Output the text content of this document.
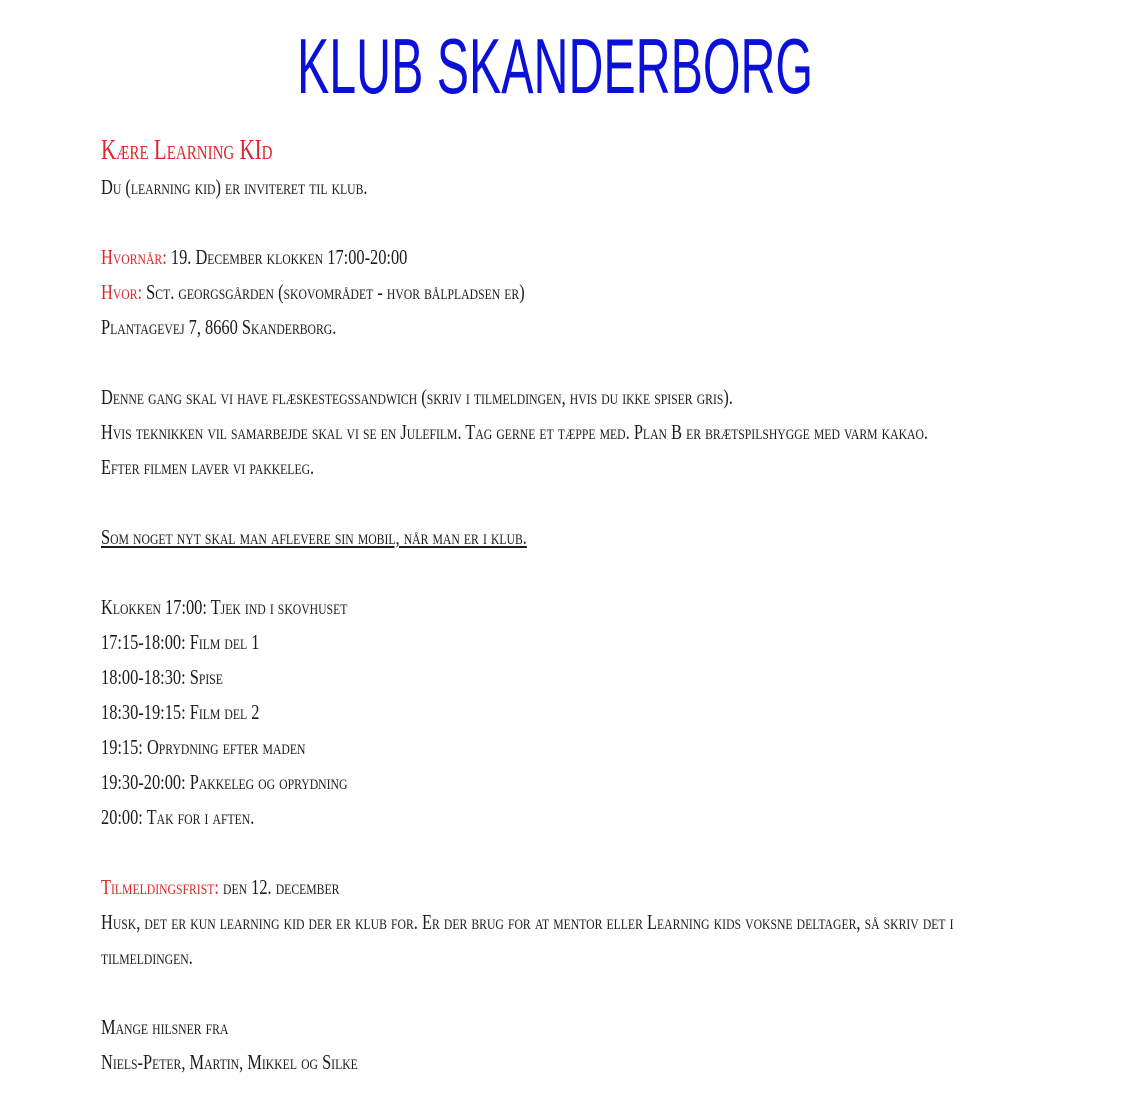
KLUB SKANDERBORG
Kære Learning KId
Du (learning kid) er inviteret til klub.
Hvornår: 19. December klokken 17:00-20:00
Hvor: Sct. georgsgården (skovområdet - hvor bålpladsen er)
Plantagevej 7, 8660 Skanderborg.
Denne gang skal vi have flæskestegssandwich (skriv i tilmeldingen, hvis du ikke spiser gris).
Hvis teknikken vil samarbejde skal vi se en Julefilm. Tag gerne et tæppe med. Plan B er brætspilshygge med varm kakao.
Efter filmen laver vi pakkeleg.
Som noget nyt skal man aflevere sin mobil, når man er i klub.
Klokken 17:00: Tjek ind i skovhuset
17:15-18:00: Film del 1
18:00-18:30: Spise
18:30-19:15: Film del 2
19:15: Oprydning efter maden
19:30-20:00: Pakkeleg og oprydning
20:00: Tak for i aften.
Tilmeldingsfrist: den 12. december
Husk, det er kun learning kid der er klub for. Er der brug for at mentor eller Learning kids voksne deltager, så skriv det i
tilmeldingen.
Mange hilsner fra
Niels-Peter, Martin, Mikkel og Silke
